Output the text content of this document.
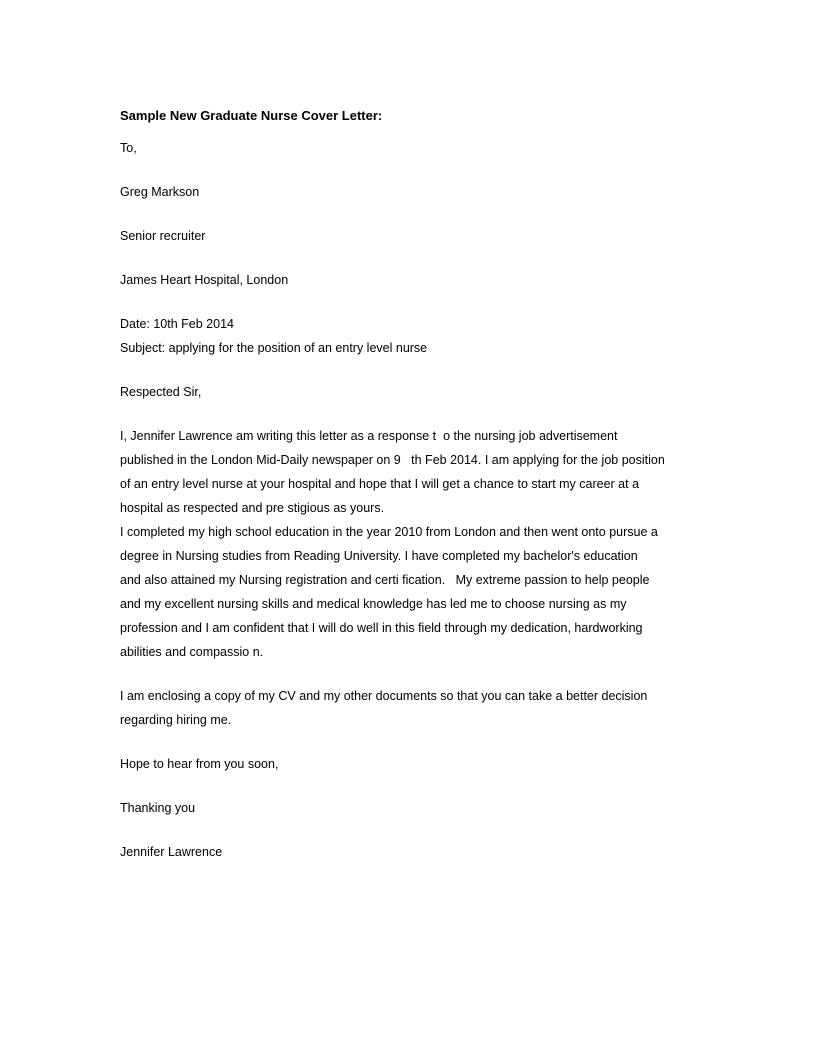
Sample New Graduate Nurse Cover Letter:

To,

Greg Markson

Senior recruiter

James Heart Hospital, London

Date: 10th Feb 2014

Subject: applying for the position of an entry level nurse

Respected Sir,

I, Jennifer Lawrence am writing this letter as a response t  o the nursing job advertisement

published in the London Mid-Daily newspaper on 9   th Feb 2014. I am applying for the job position

of an entry level nurse at your hospital and hope that I will get a chance to start my career at a

hospital as respected and pre stigious as yours.

I completed my high school education in the year 2010 from London and then went onto pursue a

degree in Nursing studies from Reading University. I have completed my bachelor's education

and also attained my Nursing registration and certi fication.   My extreme passion to help people

and my excellent nursing skills and medical knowledge has led me to choose nursing as my

profession and I am confident that I will do well in this field through my dedication, hardworking

abilities and compassio n.

I am enclosing a copy of my CV and my other documents so that you can take a better decision

regarding hiring me.

Hope to hear from you soon,

Thanking you

Jennifer Lawrence
